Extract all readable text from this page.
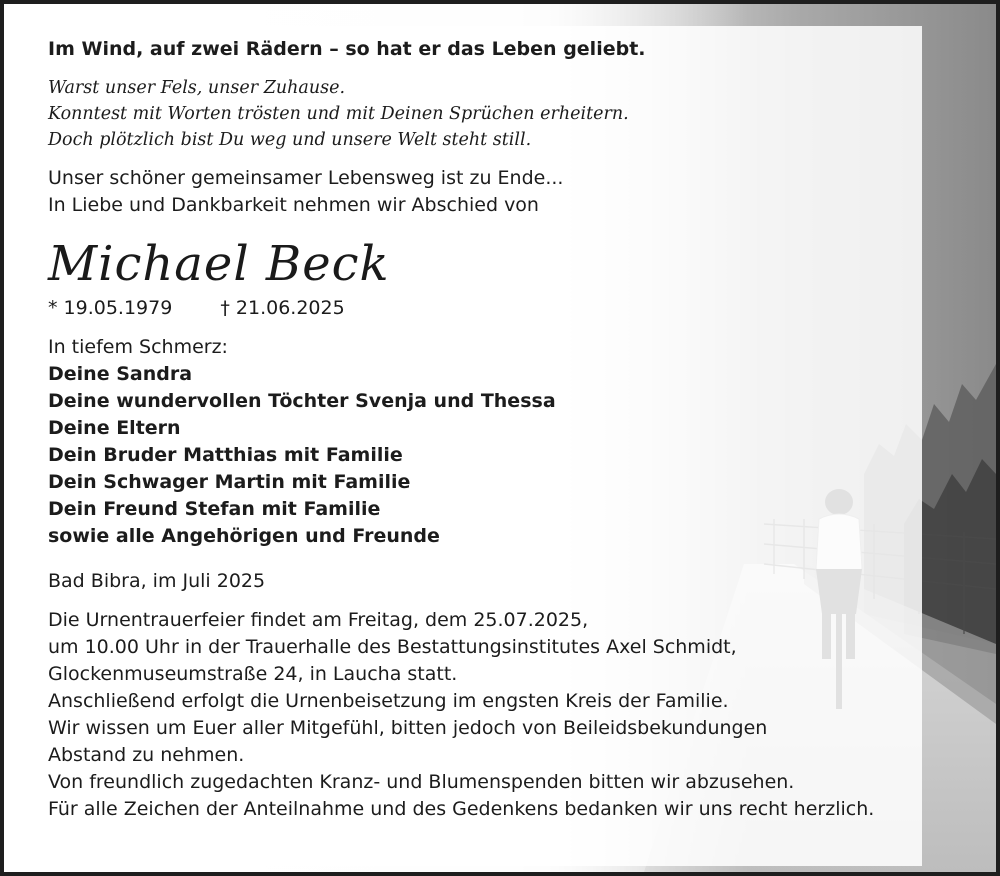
Im Wind, auf zwei Rädern – so hat er das Leben geliebt.
Warst unser Fels, unser Zuhause.
Konntest mit Worten trösten und mit Deinen Sprüchen erheitern.
Doch plötzlich bist Du weg und unsere Welt steht still.
Unser schöner gemeinsamer Lebensweg ist zu Ende...
In Liebe und Dankbarkeit nehmen wir Abschied von
Michael Beck
* 19.05.1979	† 21.06.2025
In tiefem Schmerz:
Deine Sandra
Deine wundervollen Töchter Svenja und Thessa
Deine Eltern
Dein Bruder Matthias mit Familie
Dein Schwager Martin mit Familie
Dein Freund Stefan mit Familie
sowie alle Angehörigen und Freunde
Bad Bibra, im Juli 2025
Die Urnentrauerfeier findet am Freitag, dem 25.07.2025,
um 10.00 Uhr in der Trauerhalle des Bestattungsinstitutes Axel Schmidt,
Glockenmuseumstraße 24, in Laucha statt.
Anschließend erfolgt die Urnenbeisetzung im engsten Kreis der Familie.
Wir wissen um Euer aller Mitgefühl, bitten jedoch von Beileidsbekundungen
Abstand zu nehmen.
Von freundlich zugedachten Kranz- und Blumenspenden bitten wir abzusehen.
Für alle Zeichen der Anteilnahme und des Gedenkens bedanken wir uns recht herzlich.
